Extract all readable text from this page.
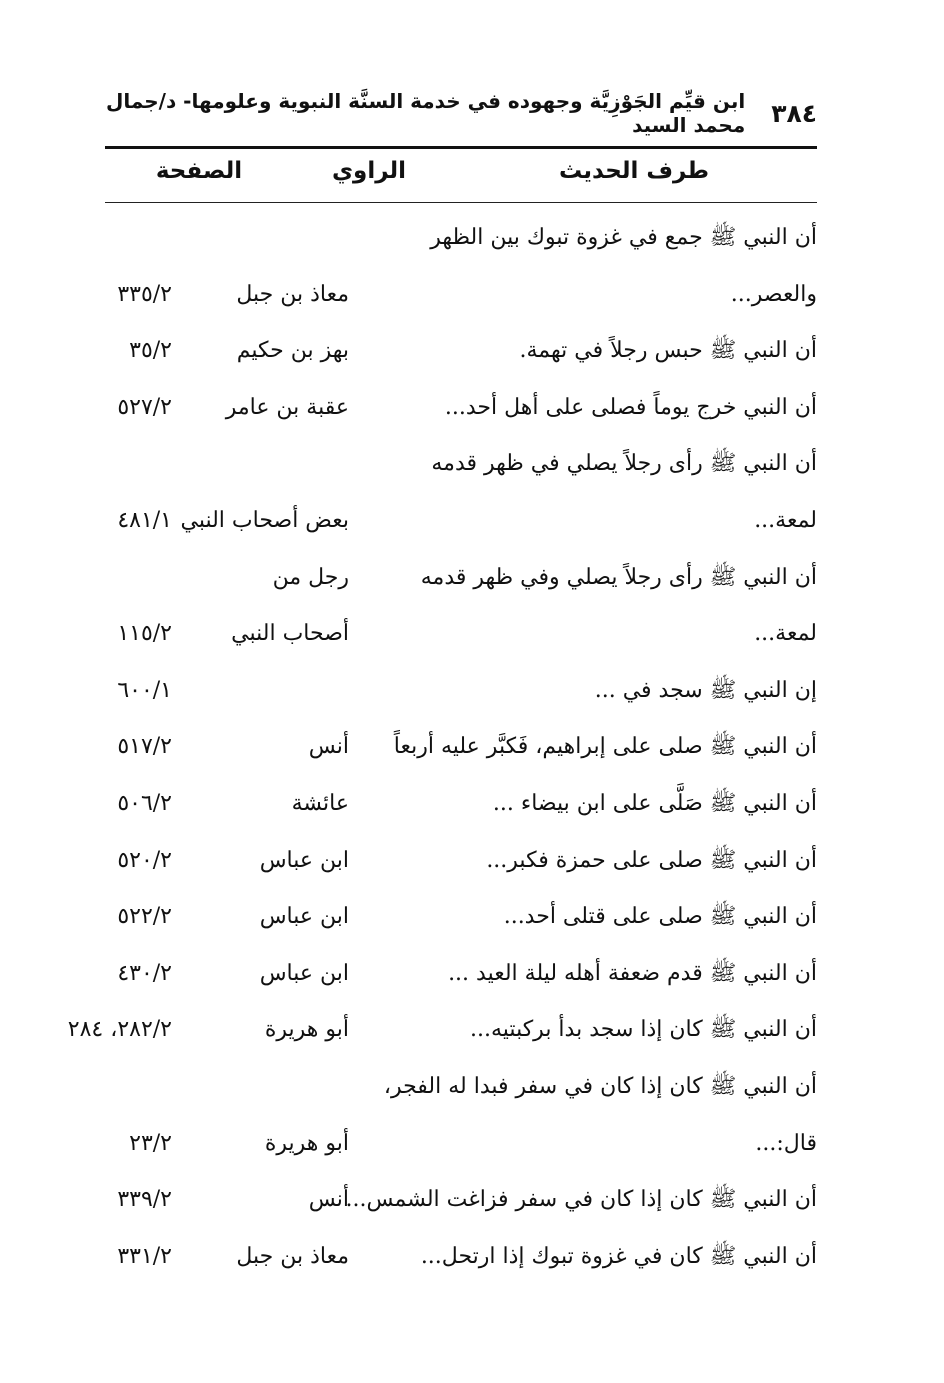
٣٨٤
ابن قيِّم الجَوْزِيَّة وجهوده في خدمة السنَّة النبوية وعلومها- د/جمال محمد السيد
طرف الحديث
الراوي
الصفحة
أن النبي ﷺ جمع في غزوة تبوك بين الظهر
والعصر...
معاذ بن جبل
٣٣٥/٢
أن النبي ﷺ حبس رجلاً في تهمة.
بهز بن حكيم
٣٥/٢
أن النبي خرج يوماً فصلى على أهل أحد...
عقبة بن عامر
٥٢٧/٢
أن النبي ﷺ رأى رجلاً يصلي في ظهر قدمه
لمعة...
بعض أصحاب النبي
٤٨١/١
أن النبي ﷺ رأى رجلاً يصلي وفي ظهر قدمه
رجل من
لمعة...
أصحاب النبي
١١٥/٢
إن النبي ﷺ سجد في ...
٦٠٠/١
أن النبي ﷺ صلى على إبراهيم، فَكبَّر عليه أربعاً
أنس
٥١٧/٢
أن النبي ﷺ صَلَّى على ابن بيضاء ...
عائشة
٥٠٦/٢
أن النبي ﷺ صلى على حمزة فكبر...
ابن عباس
٥٢٠/٢
أن النبي ﷺ صلى على قتلى أحد...
ابن عباس
٥٢٢/٢
أن النبي ﷺ قدم ضعفة أهله ليلة العيد ...
ابن عباس
٤٣٠/٢
أن النبي ﷺ كان إذا سجد بدأ بركبتيه...
أبو هريرة
٢٨٢/٢، ٢٨٤
أن النبي ﷺ كان إذا كان في سفر فبدا له الفجر،
قال:...
أبو هريرة
٢٣/٢
أن النبي ﷺ كان إذا كان في سفر فزاغت الشمس...
أنس
٣٣٩/٢
أن النبي ﷺ كان في غزوة تبوك إذا ارتحل...
معاذ بن جبل
٣٣١/٢
